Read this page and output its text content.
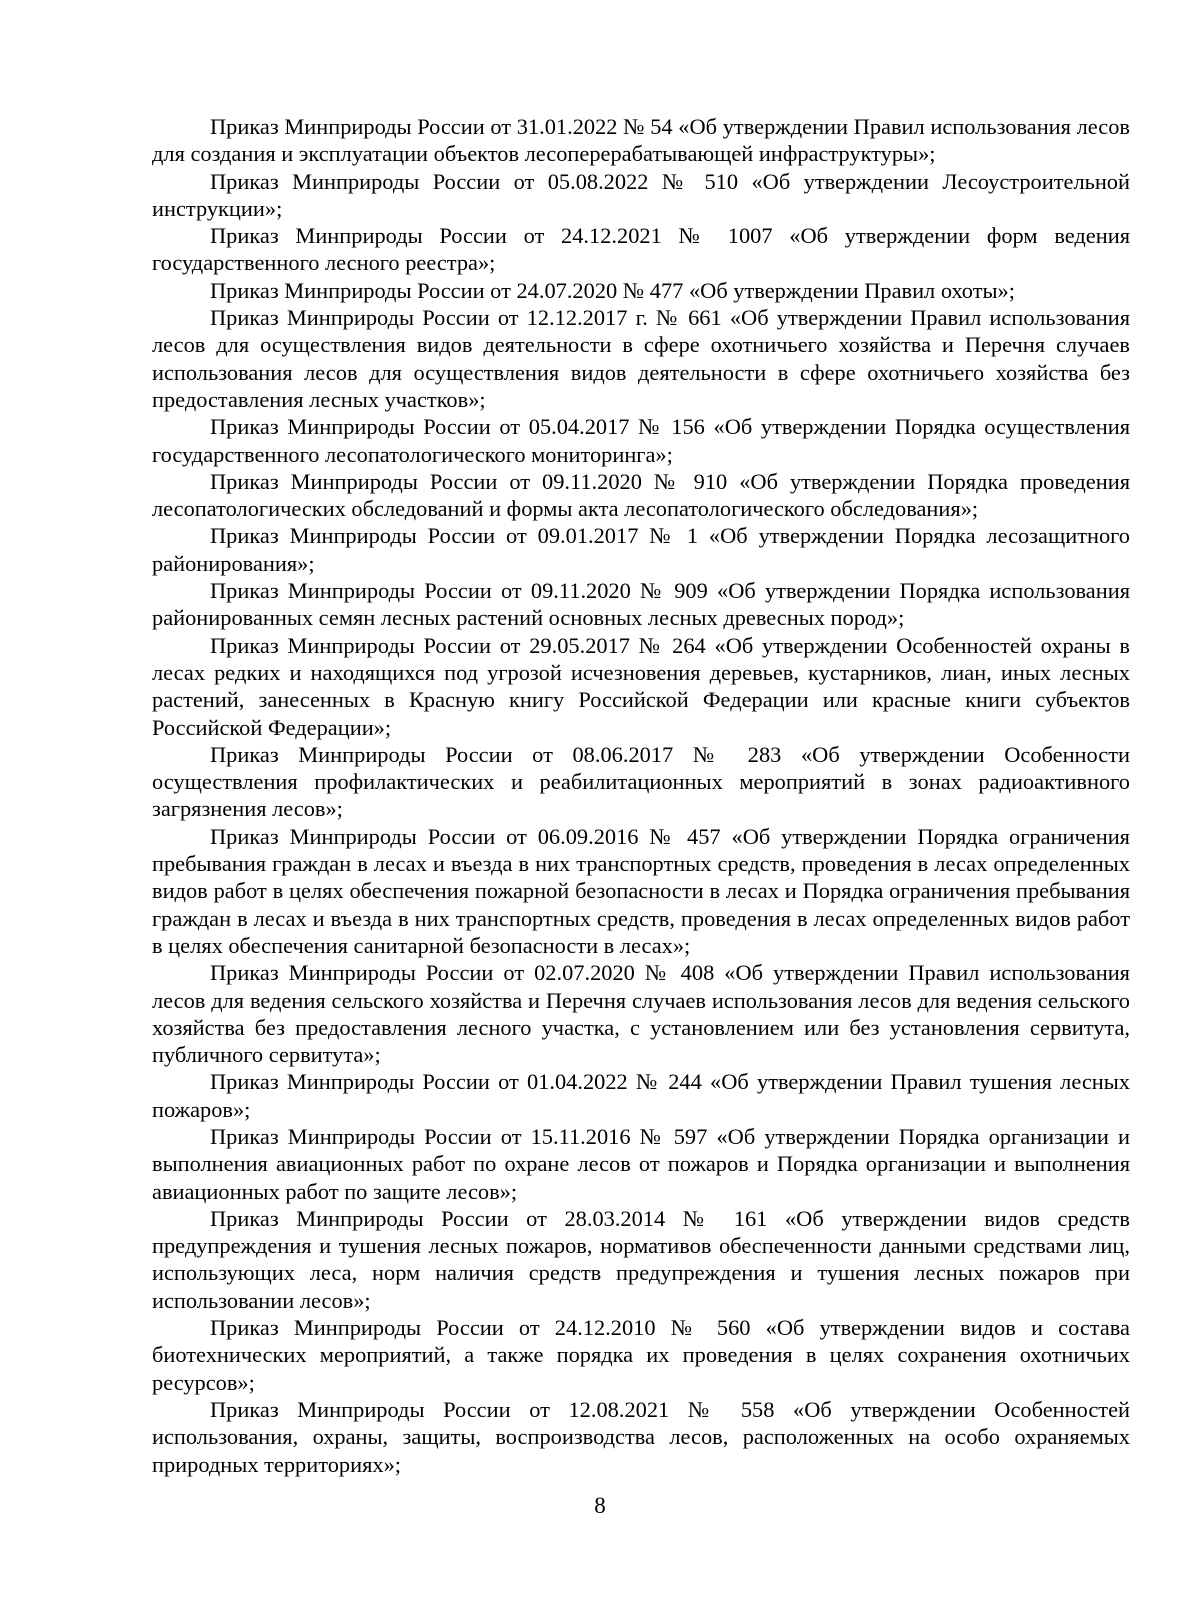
Приказ Минприроды России от 31.01.2022 № 54 «Об утверждении Правил использования лесов для создания и эксплуатации объектов лесоперерабатывающей инфраструктуры»;

Приказ Минприроды России от 05.08.2022 № 510 «Об утверждении Лесоустроительной инструкции»;

Приказ Минприроды России от 24.12.2021 № 1007 «Об утверждении форм ведения государственного лесного реестра»;

Приказ Минприроды России от 24.07.2020 № 477 «Об утверждении Правил охоты»;

Приказ Минприроды России от 12.12.2017 г. № 661 «Об утверждении Правил использования лесов для осуществления видов деятельности в сфере охотничьего хозяйства и Перечня случаев использования лесов для осуществления видов деятельности в сфере охотничьего хозяйства без предоставления лесных участков»;

Приказ Минприроды России от 05.04.2017 № 156 «Об утверждении Порядка осуществления государственного лесопатологического мониторинга»;

Приказ Минприроды России от 09.11.2020 № 910 «Об утверждении Порядка проведения лесопатологических обследований и формы акта лесопатологического обследования»;

Приказ Минприроды России от 09.01.2017 № 1 «Об утверждении Порядка лесозащитного районирования»;

Приказ Минприроды России от 09.11.2020 № 909 «Об утверждении Порядка использования районированных семян лесных растений основных лесных древесных пород»;

Приказ Минприроды России от 29.05.2017 № 264 «Об утверждении Особенностей охраны в лесах редких и находящихся под угрозой исчезновения деревьев, кустарников, лиан, иных лесных растений, занесенных в Красную книгу Российской Федерации или красные книги субъектов Российской Федерации»;

Приказ Минприроды России от 08.06.2017 № 283 «Об утверждении Особенности осуществления профилактических и реабилитационных мероприятий в зонах радиоактивного загрязнения лесов»;

Приказ Минприроды России от 06.09.2016 № 457 «Об утверждении Порядка ограничения пребывания граждан в лесах и въезда в них транспортных средств, проведения в лесах определенных видов работ в целях обеспечения пожарной безопасности в лесах и Порядка ограничения пребывания граждан в лесах и въезда в них транспортных средств, проведения в лесах определенных видов работ в целях обеспечения санитарной безопасности в лесах»;

Приказ Минприроды России от 02.07.2020 № 408 «Об утверждении Правил использования лесов для ведения сельского хозяйства и Перечня случаев использования лесов для ведения сельского хозяйства без предоставления лесного участка, с установлением или без установления сервитута, публичного сервитута»;

Приказ Минприроды России от 01.04.2022 № 244 «Об утверждении Правил тушения лесных пожаров»;

Приказ Минприроды России от 15.11.2016 № 597 «Об утверждении Порядка организации и выполнения авиационных работ по охране лесов от пожаров и Порядка организации и выполнения авиационных работ по защите лесов»;

Приказ Минприроды России от 28.03.2014 № 161 «Об утверждении видов средств предупреждения и тушения лесных пожаров, нормативов обеспеченности данными средствами лиц, использующих леса, норм наличия средств предупреждения и тушения лесных пожаров при использовании лесов»;

Приказ Минприроды России от 24.12.2010 № 560 «Об утверждении видов и состава биотехнических мероприятий, а также порядка их проведения в целях сохранения охотничьих ресурсов»;

Приказ Минприроды России от 12.08.2021 № 558 «Об утверждении Особенностей использования, охраны, защиты, воспроизводства лесов, расположенных на особо охраняемых природных территориях»;

8
